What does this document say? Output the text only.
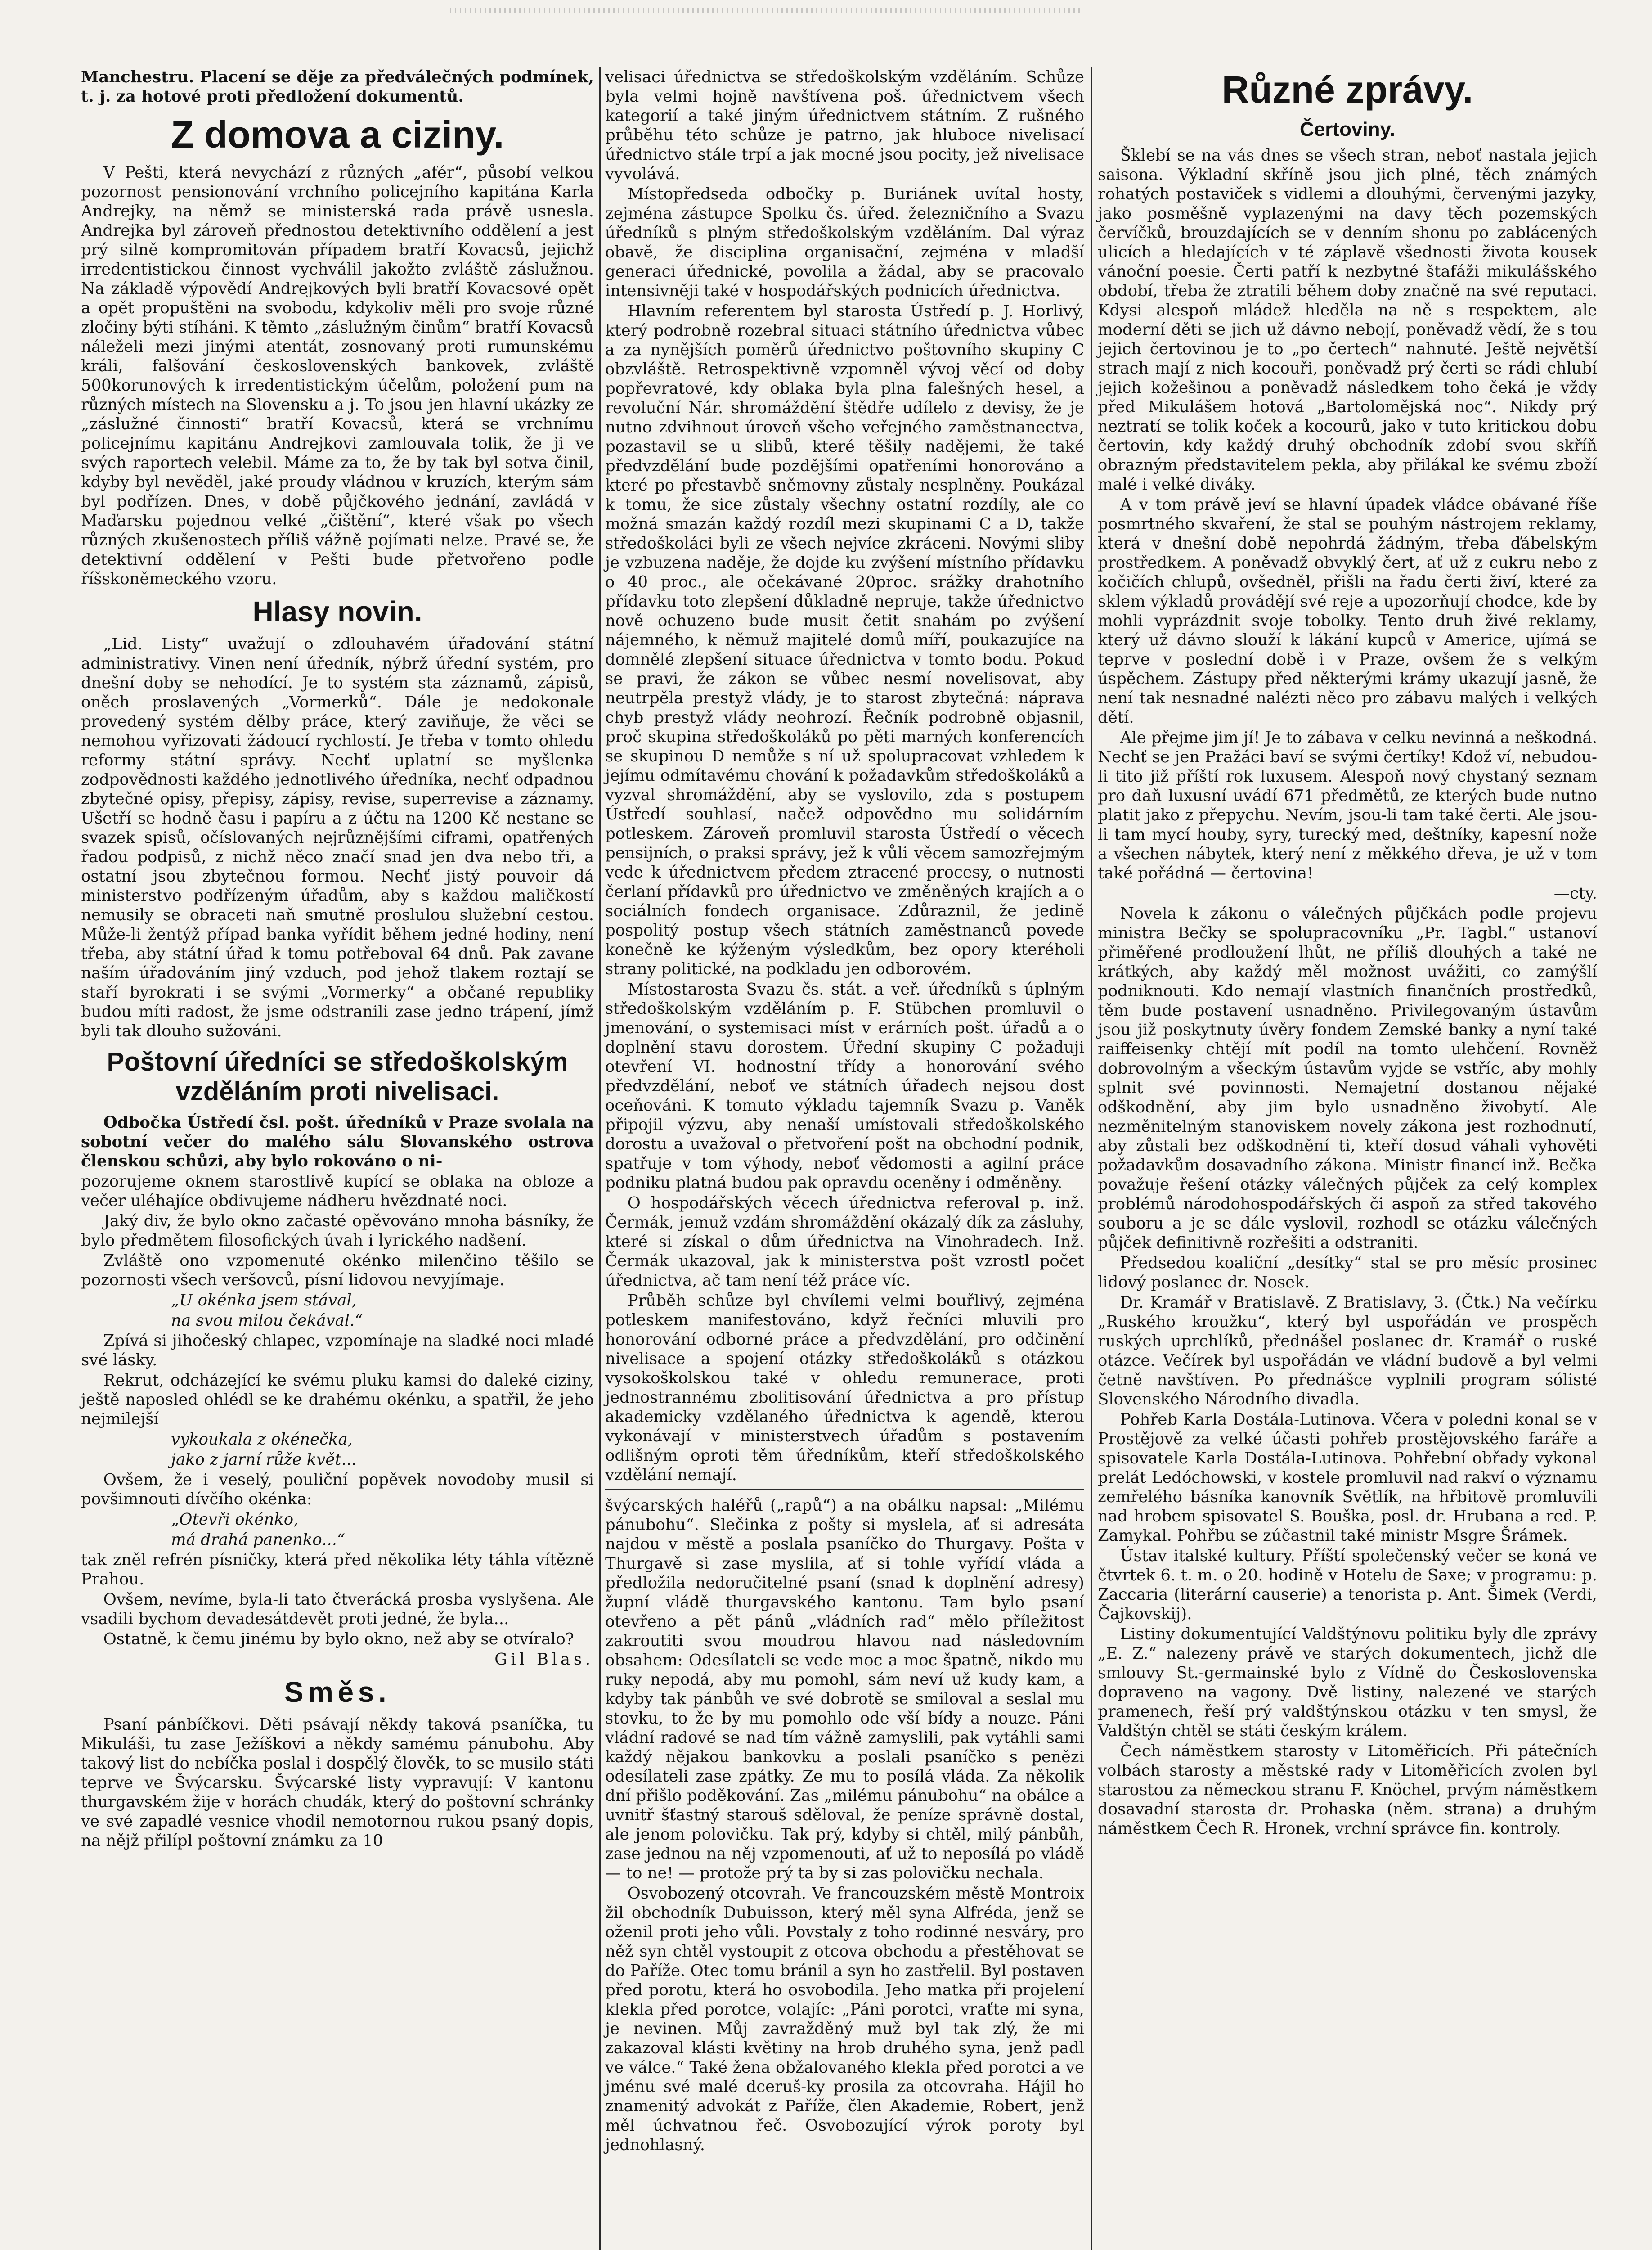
Manchestru. Placení se děje za předválečných podmínek, t. j. za hotové proti předložení dokumentů.

Z domova a ciziny.

V Pešti, která nevychází z různých „afér“, působí velkou pozornost pensionování vrchního policejního kapitána Karla Andrejky, na němž se ministerská rada právě usnesla. Andrejka byl zároveň přednostou detektivního oddělení a jest prý silně kompromitován případem bratří Kovacsů, jejichž irredentistickou činnost vychválil jakožto zvláště záslužnou. Na základě výpovědí Andrejkových byli bratří Kovacsové opět a opět propuštěni na svobodu, kdykoliv měli pro svoje různé zločiny býti stíháni. K těmto „záslužným činům“ bratří Kovacsů náleželi mezi jinými atentát, zosnovaný proti rumunskému králi, falšování československých bankovek, zvláště 500korunových k irredentistickým účelům, položení pum na různých místech na Slovensku a j. To jsou jen hlavní ukázky ze „záslužné činnosti“ bratří Kovacsů, která se vrchnímu policejnímu kapitánu Andrejkovi zamlouvala tolik, že ji ve svých raportech velebil. Máme za to, že by tak byl sotva činil, kdyby byl nevěděl, jaké proudy vládnou v kruzích, kterým sám byl podřízen. Dnes, v době půjčkového jednání, zavládá v Maďarsku pojednou velké „čištění“, které však po všech různých zkušenostech příliš vážně pojímati nelze. Pravé se, že detektivní oddělení v Pešti bude přetvořeno podle říšskoněmeckého vzoru.

Hlasy novin.

„Lid. Listy“ uvažují o zdlouhavém úřadování státní administrativy. Vinen není úředník, nýbrž úřední systém, pro dnešní doby se nehodící. Je to systém sta záznamů, zápisů, oněch proslavených „Vormerků“. Dále je nedokonale provedený systém dělby práce, který zaviňuje, že věci se nemohou vyřizovati žádoucí rychlostí. Je třeba v tomto ohledu reformy státní správy. Nechť uplatní se myšlenka zodpovědnosti každého jednotlivého úředníka, nechť odpadnou zbytečné opisy, přepisy, zápisy, revise, superrevise a záznamy. Ušetří se hodně času i papíru a z účtu na 1200 Kč nestane se svazek spisů, očíslovaných nejrůznějšími ciframi, opatřených řadou podpisů, z nichž něco značí snad jen dva nebo tři, a ostatní jsou zbytečnou formou. Nechť jistý pouvoir dá ministerstvo podřízeným úřadům, aby s každou maličkostí nemusily se obraceti naň smutně proslulou služební cestou. Může-li žentýž případ banka vyřídit během jedné hodiny, není třeba, aby státní úřad k tomu potřeboval 64 dnů. Pak zavane naším úřadováním jiný vzduch, pod jehož tlakem roztají se staří byrokrati i se svými „Vormerky“ a občané republiky budou míti radost, že jsme odstranili zase jedno trápení, jímž byli tak dlouho sužováni.

Poštovní úředníci se středoškolským vzděláním proti nivelisaci.

Odbočka Ústředí čsl. pošt. úředníků v Praze svolala na sobotní večer do malého sálu Slovanského ostrova členskou schůzi, aby bylo rokováno o ni-

pozorujeme oknem starostlivě kupící se oblaka na obloze a večer uléhajíce obdivujeme nádheru hvězdnaté noci.

Jaký div, že bylo okno začasté opěvováno mnoha básníky, že bylo předmětem filosofických úvah i lyrického nadšení.

Zvláště ono vzpomenuté okénko milenčino těšilo se pozornosti všech veršovců, písní lidovou nevyjímaje.

„U okénka jsem stával,

na svou milou čekával.“

Zpívá si jihočeský chlapec, vzpomínaje na sladké noci mladé své lásky.

Rekrut, odcházející ke svému pluku kamsi do daleké ciziny, ještě naposled ohlédl se ke drahému okénku, a spatřil, že jeho nejmilejší

vykoukala z okénečka,

jako z jarní růže květ...

Ovšem, že i veselý, pouliční popěvek novodoby musil si povšimnouti dívčího okénka:

„Otevři okénko,

má drahá panenko...“

tak zněl refrén písničky, která před několika léty táhla vítězně Prahou.

Ovšem, nevíme, byla-li tato čtverácká prosba vyslyšena. Ale vsadili bychom devadesátdevět proti jedné, že byla...

Ostatně, k čemu jinému by bylo okno, než aby se otvíralo?

Gil Blas.

Směs.

Psaní pánbíčkovi. Děti psávají někdy taková psaníčka, tu Mikuláši, tu zase Ježíškovi a někdy samému pánubohu. Aby takový list do nebíčka poslal i dospělý člověk, to se musilo státi teprve ve Švýcarsku. Švýcarské listy vypravují: V kantonu thurgavském žije v horách chudák, který do poštovní schránky ve své zapadlé vesnice vhodil nemotornou rukou psaný dopis, na nějž přilípl poštovní známku za 10

velisaci úřednictva se středoškolským vzděláním. Schůze byla velmi hojně navštívena poš. úřednictvem všech kategorií a také jiným úřednictvem státním. Z rušného průběhu této schůze je patrno, jak hluboce nivelisací úřednictvo stále trpí a jak mocné jsou pocity, jež nivelisace vyvolává.

Místopředseda odbočky p. Buriánek uvítal hosty, zejména zástupce Spolku čs. úřed. železničního a Svazu úředníků s plným středoškolským vzděláním. Dal výraz obavě, že disciplina organisační, zejména v mladší generaci úřednické, povolila a žádal, aby se pracovalo intensivněji také v hospodářských podnicích úřednictva.

Hlavním referentem byl starosta Ústředí p. J. Horlivý, který podrobně rozebral situaci státního úřednictva vůbec a za nynějších poměrů úřednictvo poštovního skupiny C obzvláště. Retrospektivně vzpomněl vývoj věcí od doby popřevratové, kdy oblaka byla plna falešných hesel, a revoluční Nár. shromáždění štědře udílelo z devisy, že je nutno zdvihnout úroveň všeho veřejného zaměstnanectva, pozastavil se u slibů, které těšily nadějemi, že také předvzdělání bude pozdějšími opatřeními honorováno a které po přestavbě sněmovny zůstaly nesplněny. Poukázal k tomu, že sice zůstaly všechny ostatní rozdíly, ale co možná smazán každý rozdíl mezi skupinami C a D, takže středoškoláci byli ze všech nejvíce zkráceni. Novými sliby je vzbuzena naděje, že dojde ku zvýšení místního přídavku o 40 proc., ale očekávané 20proc. srážky drahotního přídavku toto zlepšení důkladně nepruje, takže úřednictvo nově ochuzeno bude musit četit snahám po zvýšení nájemného, k němuž majitelé domů míří, poukazujíce na domnělé zlepšení situace úřednictva v tomto bodu. Pokud se pravi, že zákon se vůbec nesmí novelisovat, aby neutrpěla prestyž vlády, je to starost zbytečná: náprava chyb prestyž vlády neohrozí. Řečník podrobně objasnil, proč skupina středoškoláků po pěti marných konferencích se skupinou D nemůže s ní už spolupracovat vzhledem k jejímu odmítavému chování k požadavkům středoškoláků a vyzval shromáždění, aby se vyslovilo, zda s postupem Ústředí souhlasí, načež odpovědno mu solidárním potleskem. Zároveň promluvil starosta Ústředí o věcech pensijních, o praksi správy, jež k vůli věcem samozřejmým vede k úřednictvem předem ztracené procesy, o nutnosti čerlaní přídavků pro úřednictvo ve změněných krajích a o sociálních fondech organisace. Zdůraznil, že jedině pospolitý postup všech státních zaměstnanců povede konečně ke kýženým výsledkům, bez opory kteréholi strany politické, na podkladu jen odborovém.

Místostarosta Svazu čs. stát. a veř. úředníků s úplným středoškolským vzděláním p. F. Stübchen promluvil o jmenování, o systemisaci míst v erárních pošt. úřadů a o doplnění stavu dorostem. Úřední skupiny C požaduji otevření VI. hodnostní třídy a honorování svého předvzdělání, neboť ve státních úřadech nejsou dost oceňováni. K tomuto výkladu tajemník Svazu p. Vaněk připojil výzvu, aby nenaší umístovali středoškolského dorostu a uvažoval o přetvoření pošt na obchodní podnik, spatřuje v tom výhody, neboť vědomosti a agilní práce podniku platná budou pak opravdu oceněny i odměněny.

O hospodářských věcech úřednictva referoval p. inž. Čermák, jemuž vzdám shromáždění okázalý dík za zásluhy, které si získal o dům úřednictva na Vinohradech. Inž. Čermák ukazoval, jak k ministerstva pošt vzrostl počet úřednictva, ač tam není též práce víc.

Průběh schůze byl chvílemi velmi bouřlivý, zejména potleskem manifestováno, když řečníci mluvili pro honorování odborné práce a předvzdělání, pro odčinění nivelisace a spojení otázky středoškoláků s otázkou vysokoškolskou také v ohledu remunerace, proti jednostrannému zbolitisování úřednictva a pro přístup akademicky vzdělaného úřednictva k agendě, kterou vykonávají v ministerstvech úřadům s postavením odlišným oproti těm úředníkům, kteří středoškolského vzdělání nemají.

švýcarských haléřů („rapů“) a na obálku napsal: „Milému pánubohu“. Slečinka z pošty si myslela, ať si adresáta najdou v městě a poslala psaníčko do Thurgavy. Pošta v Thurgavě si zase myslila, ať si tohle vyřídí vláda a předložila nedoručitelné psaní (snad k doplnění adresy) župní vládě thurgavského kantonu. Tam bylo psaní otevřeno a pět pánů „vládních rad“ mělo příležitost zakroutiti svou moudrou hlavou nad následovním obsahem: Odesílateli se vede moc a moc špatně, nikdo mu ruky nepodá, aby mu pomohl, sám neví už kudy kam, a kdyby tak pánbůh ve své dobrotě se smiloval a seslal mu stovku, to že by mu pomohlo ode vší bídy a nouze. Páni vládní radové se nad tím vážně zamyslili, pak vytáhli sami každý nějakou bankovku a poslali psaníčko s penězi odesílateli zase zpátky. Ze mu to posílá vláda. Za několik dní přišlo poděkování. Zas „milému pánubohu“ na obálce a uvnitř šťastný starouš sděloval, že peníze správně dostal, ale jenom polovičku. Tak prý, kdyby si chtěl, milý pánbůh, zase jednou na něj vzpomenouti, ať už to neposílá po vládě — to ne! — protože prý ta by si zas polovičku nechala.

Osvobozený otcovrah. Ve francouzském městě Montroix žil obchodník Dubuisson, který měl syna Alfréda, jenž se oženil proti jeho vůli. Povstaly z toho rodinné nesváry, pro něž syn chtěl vystoupit z otcova obchodu a přestěhovat se do Paříže. Otec tomu bránil a syn ho zastřelil. Byl postaven před porotu, která ho osvobodila. Jeho matka při projelení klekla před porotce, volajíc: „Páni porotci, vraťte mi syna, je nevinen. Můj zavražděný muž byl tak zlý, že mi zakazoval klásti květiny na hrob druhého syna, jenž padl ve válce.“ Také žena obžalovaného klekla před porotci a ve jménu své malé dceruš-ky prosila za otcovraha. Hájil ho znamenitý advokát z Paříže, člen Akademie, Robert, jenž měl úchvatnou řeč. Osvobozující výrok poroty byl jednohlasný.

Různé zprávy.
Čertoviny.

Šklebí se na vás dnes se všech stran, neboť nastala jejich saisona. Výkladní skříně jsou jich plné, těch známých rohatých postaviček s vidlemi a dlouhými, červenými jazyky, jako posměšně vyplazenými na davy těch pozemských červíčků, brouzdajících se v denním shonu po zablácených ulicích a hledajících v té záplavě všednosti života kousek vánoční poesie. Čerti patří k nezbytné štafáži mikulášského období, třeba že ztratili během doby značně na své reputaci. Kdysi alespoň mládež hleděla na ně s respektem, ale moderní děti se jich už dávno nebojí, poněvadž vědí, že s tou jejich čertovinou je to „po čertech“ nahnuté. Ještě největší strach mají z nich kocouři, poněvadž prý čerti se rádi chlubí jejich kožešinou a poněvadž následkem toho čeká je vždy před Mikulášem hotová „Bartolomějská noc“. Nikdy prý neztratí se tolik koček a kocourů, jako v tuto kritickou dobu čertovin, kdy každý druhý obchodník zdobí svou skříň obrazným představitelem pekla, aby přilákal ke svému zboží malé i velké diváky.

A v tom právě jeví se hlavní úpadek vládce obávané říše posmrtného skvaření, že stal se pouhým nástrojem reklamy, která v dnešní době nepohrdá žádným, třeba ďábelským prostředkem. A poněvadž obvyklý čert, ať už z cukru nebo z kočičích chlupů, ovšedněl, přišli na řadu čerti živí, které za sklem výkladů provádějí své reje a upozorňují chodce, kde by mohli vyprázdnit svoje tobolky. Tento druh živé reklamy, který už dávno slouží k lákání kupců v Americe, ujímá se teprve v poslední době i v Praze, ovšem že s velkým úspěchem. Zástupy před některými krámy ukazují jasně, že není tak nesnadné nalézti něco pro zábavu malých i velkých dětí.

Ale přejme jim jí! Je to zábava v celku nevinná a neškodná. Nechť se jen Pražáci baví se svými čertíky! Kdož ví, nebudou-li tito již příští rok luxusem. Alespoň nový chystaný seznam pro daň luxusní uvádí 671 předmětů, ze kterých bude nutno platit jako z přepychu. Nevím, jsou-li tam také čerti. Ale jsou-li tam mycí houby, syry, turecký med, deštníky, kapesní nože a všechen nábytek, který není z měkkého dřeva, je už v tom také pořádná — čertovina!

—cty.

Novela k zákonu o válečných půjčkách podle projevu ministra Bečky se spolupracovníku „Pr. Tagbl.“ ustanoví přiměřené prodloužení lhůt, ne příliš dlouhých a také ne krátkých, aby každý měl možnost uvážiti, co zamýšlí podniknouti. Kdo nemají vlastních finančních prostředků, těm bude postavení usnadněno. Privilegovaným ústavům jsou již poskytnuty úvěry fondem Zemské banky a nyní také raiffeisenky chtějí mít podíl na tomto ulehčení. Rovněž dobrovolným a všeckým ústavům vyjde se vstříc, aby mohly splnit své povinnosti. Nemajetní dostanou nějaké odškodnění, aby jim bylo usnadněno živobytí. Ale nezměnitelným stanoviskem novely zákona jest rozhodnutí, aby zůstali bez odškodnění ti, kteří dosud váhali vyhověti požadavkům dosavadního zákona. Ministr financí inž. Bečka považuje řešení otázky válečných půjček za celý komplex problémů národohospodářských či aspoň za střed takového souboru a je se dále vyslovil, rozhodl se otázku válečných půjček definitivně rozřešiti a odstraniti.

Předsedou koaliční „desítky“ stal se pro měsíc prosinec lidový poslanec dr. Nosek.

Dr. Kramář v Bratislavě. Z Bratislavy, 3. (Čtk.) Na večírku „Ruského kroužku“, který byl uspořádán ve prospěch ruských uprchlíků, přednášel poslanec dr. Kramář o ruské otázce. Večírek byl uspořádán ve vládní budově a byl velmi četně navštíven. Po přednášce vyplnili program sólisté Slovenského Národního divadla.

Pohřeb Karla Dostála-Lutinova. Včera v poledni konal se v Prostějově za velké účasti pohřeb prostějovského faráře a spisovatele Karla Dostála-Lutinova. Pohřební obřady vykonal prelát Ledóchowski, v kostele promluvil nad rakví o významu zemřelého básníka kanovník Světlík, na hřbitově promluvili nad hrobem spisovatel S. Bouška, posl. dr. Hrubana a red. P. Zamykal. Pohřbu se zúčastnil také ministr Msgre Šrámek.

Ústav italské kultury. Příští společenský večer se koná ve čtvrtek 6. t. m. o 20. hodině v Hotelu de Saxe; v programu: p. Zaccaria (literární causerie) a tenorista p. Ant. Šimek (Verdi, Čajkovskij).

Listiny dokumentující Valdštýnovu politiku byly dle zprávy „E. Z.“ nalezeny právě ve starých dokumentech, jichž dle smlouvy St.-germainské bylo z Vídně do Československa dopraveno na vagony. Dvě listiny, nalezené ve starých pramenech, řeší prý valdštýnskou otázku v ten smysl, že Valdštýn chtěl se státi českým králem.

Čech náměstkem starosty v Litoměřicích. Při pátečních volbách starosty a městské rady v Litoměřicích zvolen byl starostou za německou stranu F. Knöchel, prvým náměstkem dosavadní starosta dr. Prohaska (něm. strana) a druhým náměstkem Čech R. Hronek, vrchní správce fin. kontroly.
